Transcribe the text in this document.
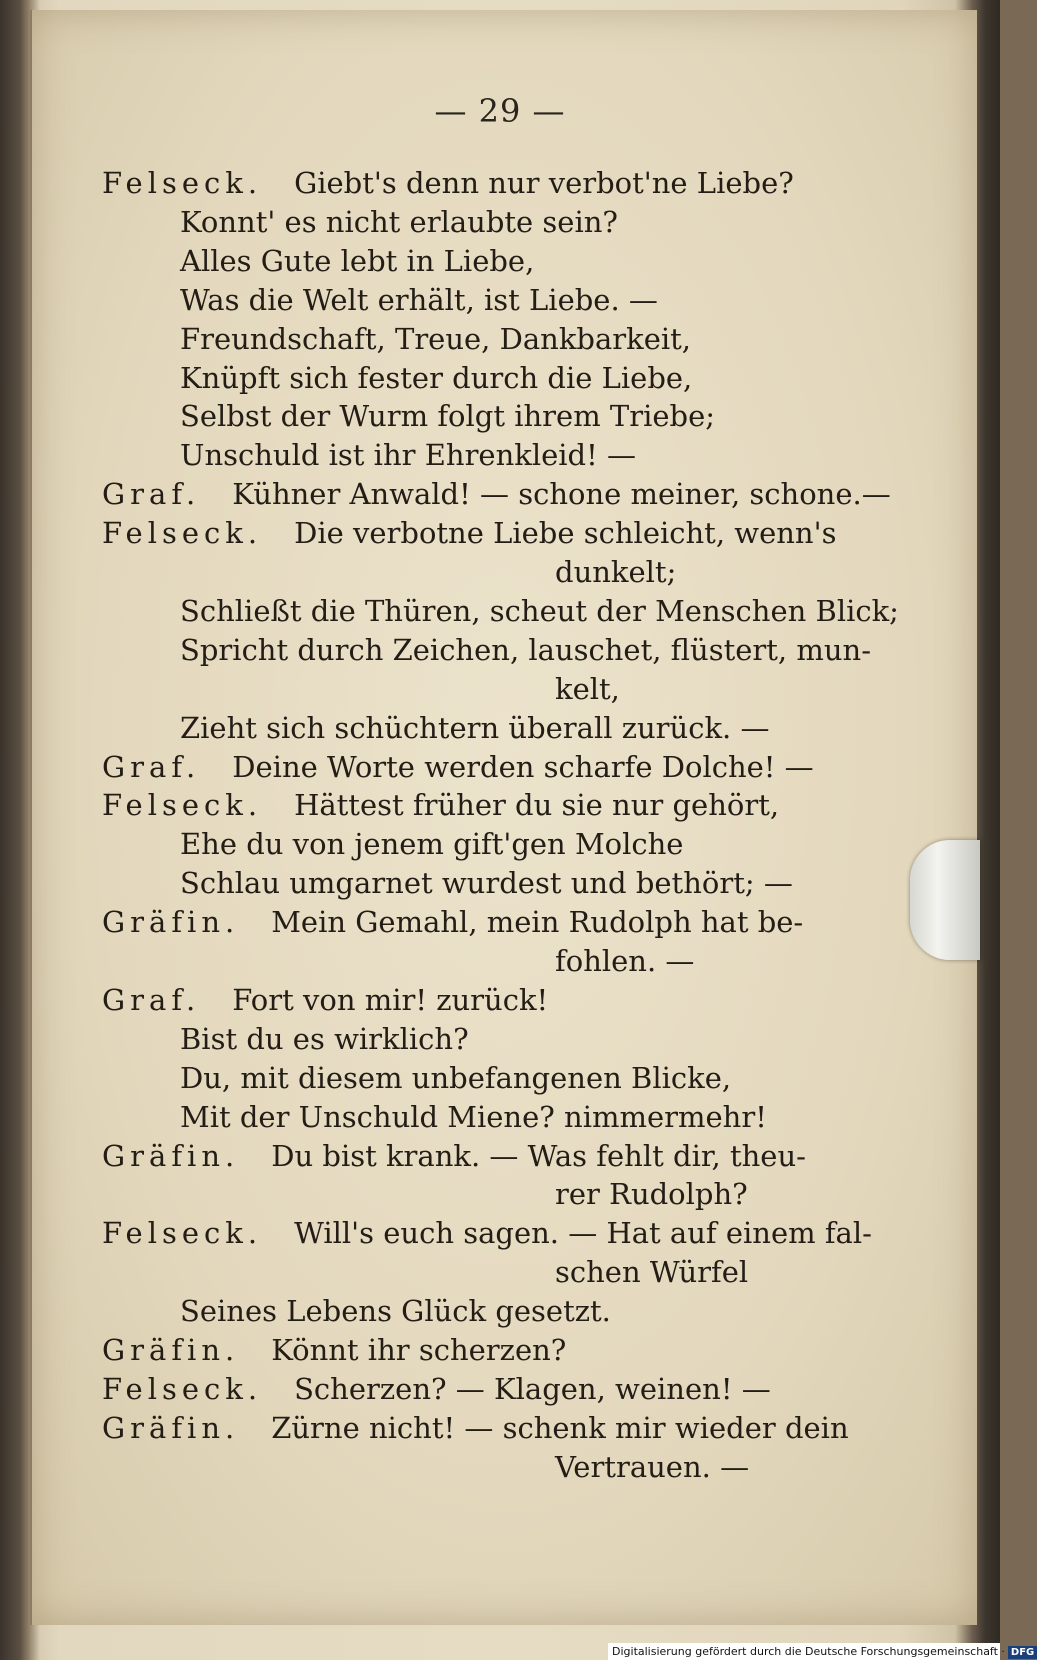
— 29 —
Felseck. Giebt's denn nur verbot'ne Liebe?
Konnt' es nicht erlaubte sein?
Alles Gute lebt in Liebe,
Was die Welt erhält, ist Liebe. —
Freundschaft, Treue, Dankbarkeit,
Knüpft sich fester durch die Liebe,
Selbst der Wurm folgt ihrem Triebe;
Unschuld ist ihr Ehrenkleid! —
Graf. Kühner Anwald! — schone meiner, schone.—
Felseck. Die verbotne Liebe schleicht, wenn's
dunkelt;
Schließt die Thüren, scheut der Menschen Blick;
Spricht durch Zeichen, lauschet, flüstert, mun-
kelt,
Zieht sich schüchtern überall zurück. —
Graf. Deine Worte werden scharfe Dolche! —
Felseck. Hättest früher du sie nur gehört,
Ehe du von jenem gift'gen Molche
Schlau umgarnet wurdest und bethört; —
Gräfin. Mein Gemahl, mein Rudolph hat be-
fohlen. —
Graf. Fort von mir! zurück!
Bist du es wirklich?
Du, mit diesem unbefangenen Blicke,
Mit der Unschuld Miene? nimmermehr!
Gräfin. Du bist krank. — Was fehlt dir, theu-
rer Rudolph?
Felseck. Will's euch sagen. — Hat auf einem fal-
schen Würfel
Seines Lebens Glück gesetzt.
Gräfin. Könnt ihr scherzen?
Felseck. Scherzen? — Klagen, weinen! —
Gräfin. Zürne nicht! — schenk mir wieder dein
Vertrauen. —
Digitalisierung gefördert durch die Deutsche Forschungsgemeinschaft · DFG
